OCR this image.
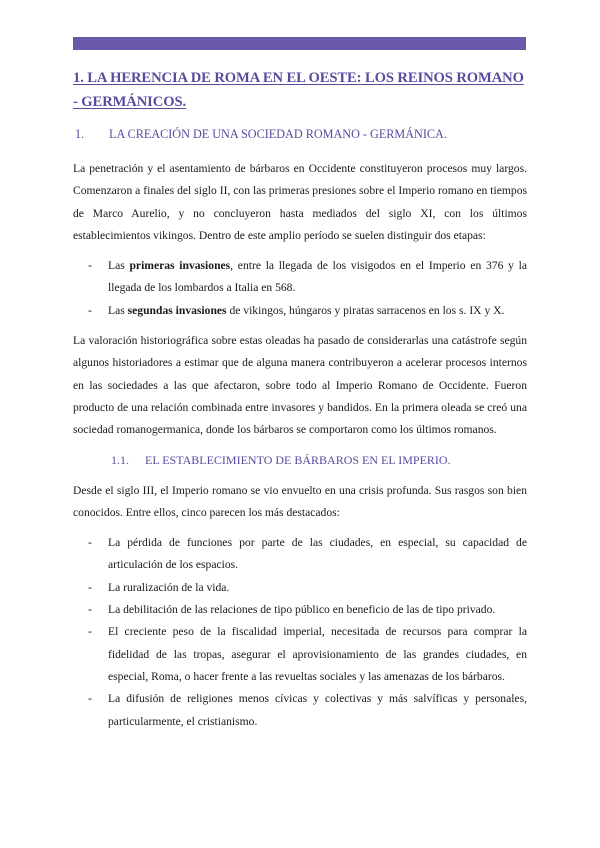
1. LA HERENCIA DE ROMA EN EL OESTE: LOS REINOS ROMANO - GERMÁNICOS.
1.	LA CREACIÓN DE UNA SOCIEDAD ROMANO - GERMÁNICA.

La penetración y el asentamiento de bárbaros en Occidente constituyeron procesos muy largos. Comenzaron a finales del siglo II, con las primeras presiones sobre el Imperio romano en tiempos de Marco Aurelio, y no concluyeron hasta mediados del siglo XI, con los últimos establecimientos vikingos. Dentro de este amplio período se suelen distinguir dos etapas:

- Las primeras invasiones, entre la llegada de los visigodos en el Imperio en 376 y la llegada de los lombardos a Italia en 568.
- Las segundas invasiones de vikingos, húngaros y piratas sarracenos en los s. IX y X.

La valoración historiográfica sobre estas oleadas ha pasado de considerarlas una catástrofe según algunos historiadores a estimar que de alguna manera contribuyeron a acelerar procesos internos en las sociedades a las que afectaron, sobre todo al Imperio Romano de Occidente. Fueron producto de una relación combinada entre invasores y bandidos. En la primera oleada se creó una sociedad romanogermanica, donde los bárbaros se comportaron como los últimos romanos.

1.1.	EL ESTABLECIMIENTO DE BÁRBAROS EN EL IMPERIO.

Desde el siglo III, el Imperio romano se vio envuelto en una crisis profunda. Sus rasgos son bien conocidos. Entre ellos, cinco parecen los más destacados:

- La pérdida de funciones por parte de las ciudades, en especial, su capacidad de articulación de los espacios.
- La ruralización de la vida.
- La debilitación de las relaciones de tipo público en beneficio de las de tipo privado.
- El creciente peso de la fiscalidad imperial, necesitada de recursos para comprar la fidelidad de las tropas, asegurar el aprovisionamiento de las grandes ciudades, en especial, Roma, o hacer frente a las revueltas sociales y las amenazas de los bárbaros.
- La difusión de religiones menos cívicas y colectivas y más salvíficas y personales, particularmente, el cristianismo.
